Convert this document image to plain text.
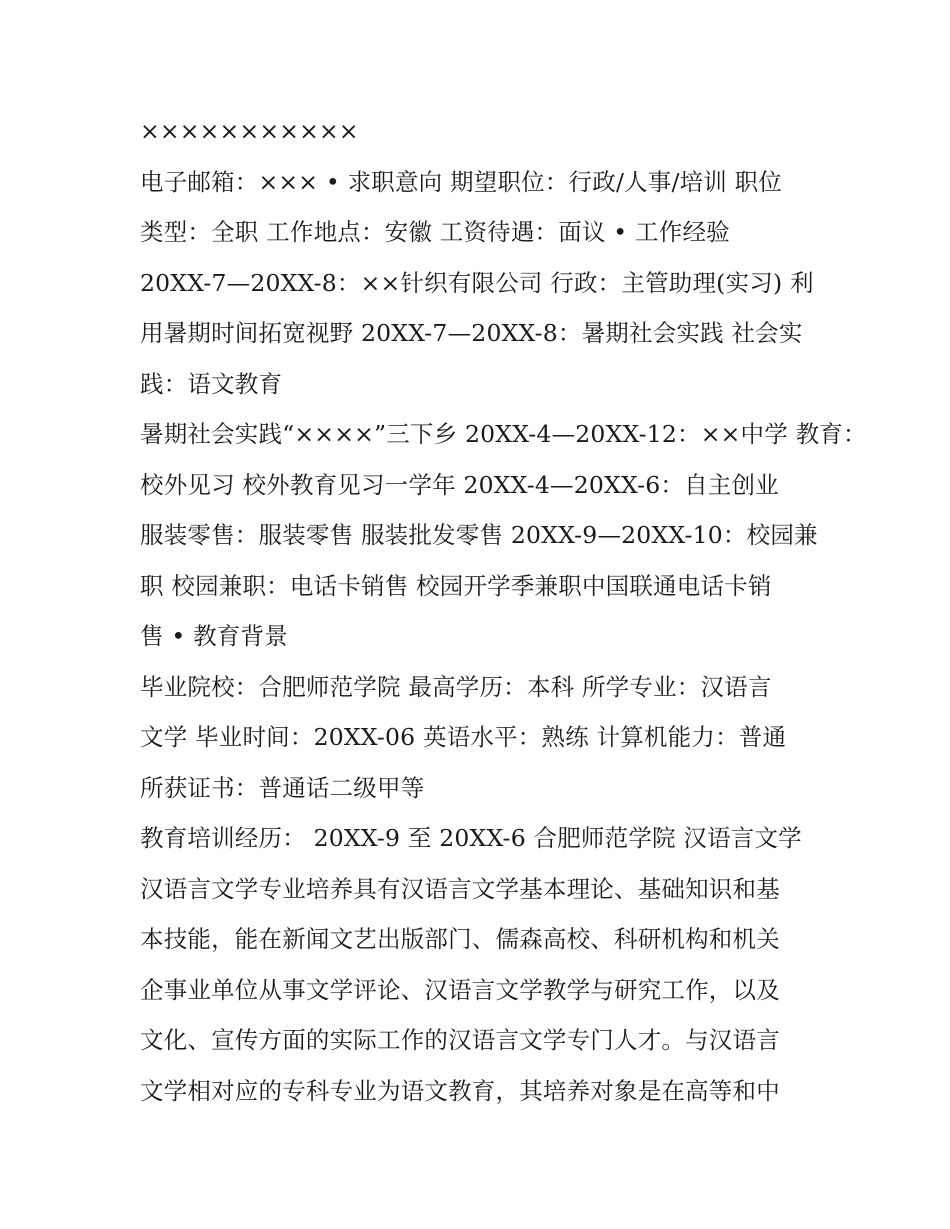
×××××××××××
电子邮箱：××× • 求职意向 期望职位：行政/人事/培训 职位
类型：全职 工作地点：安徽 工资待遇：面议 • 工作经验
20XX-7—20XX-8：××针织有限公司 行政：主管助理(实习) 利
用暑期时间拓宽视野 20XX-7—20XX-8：暑期社会实践 社会实
践：语文教育
暑期社会实践“××××”三下乡 20XX-4—20XX-12：××中学 教育：
校外见习 校外教育见习一学年 20XX-4—20XX-6：自主创业
服装零售：服装零售 服装批发零售 20XX-9—20XX-10：校园兼
职 校园兼职：电话卡销售 校园开学季兼职中国联通电话卡销
售 • 教育背景
毕业院校：合肥师范学院 最高学历：本科 所学专业：汉语言
文学 毕业时间：20XX-06 英语水平：熟练 计算机能力：普通
所获证书：普通话二级甲等
教育培训经历： 20XX-9 至 20XX-6 合肥师范学院 汉语言文学
汉语言文学专业培养具有汉语言文学基本理论、基础知识和基
本技能，能在新闻文艺出版部门、儒森高校、科研机构和机关
企事业单位从事文学评论、汉语言文学教学与研究工作，以及
文化、宣传方面的实际工作的汉语言文学专门人才。与汉语言
文学相对应的专科专业为语文教育，其培养对象是在高等和中
